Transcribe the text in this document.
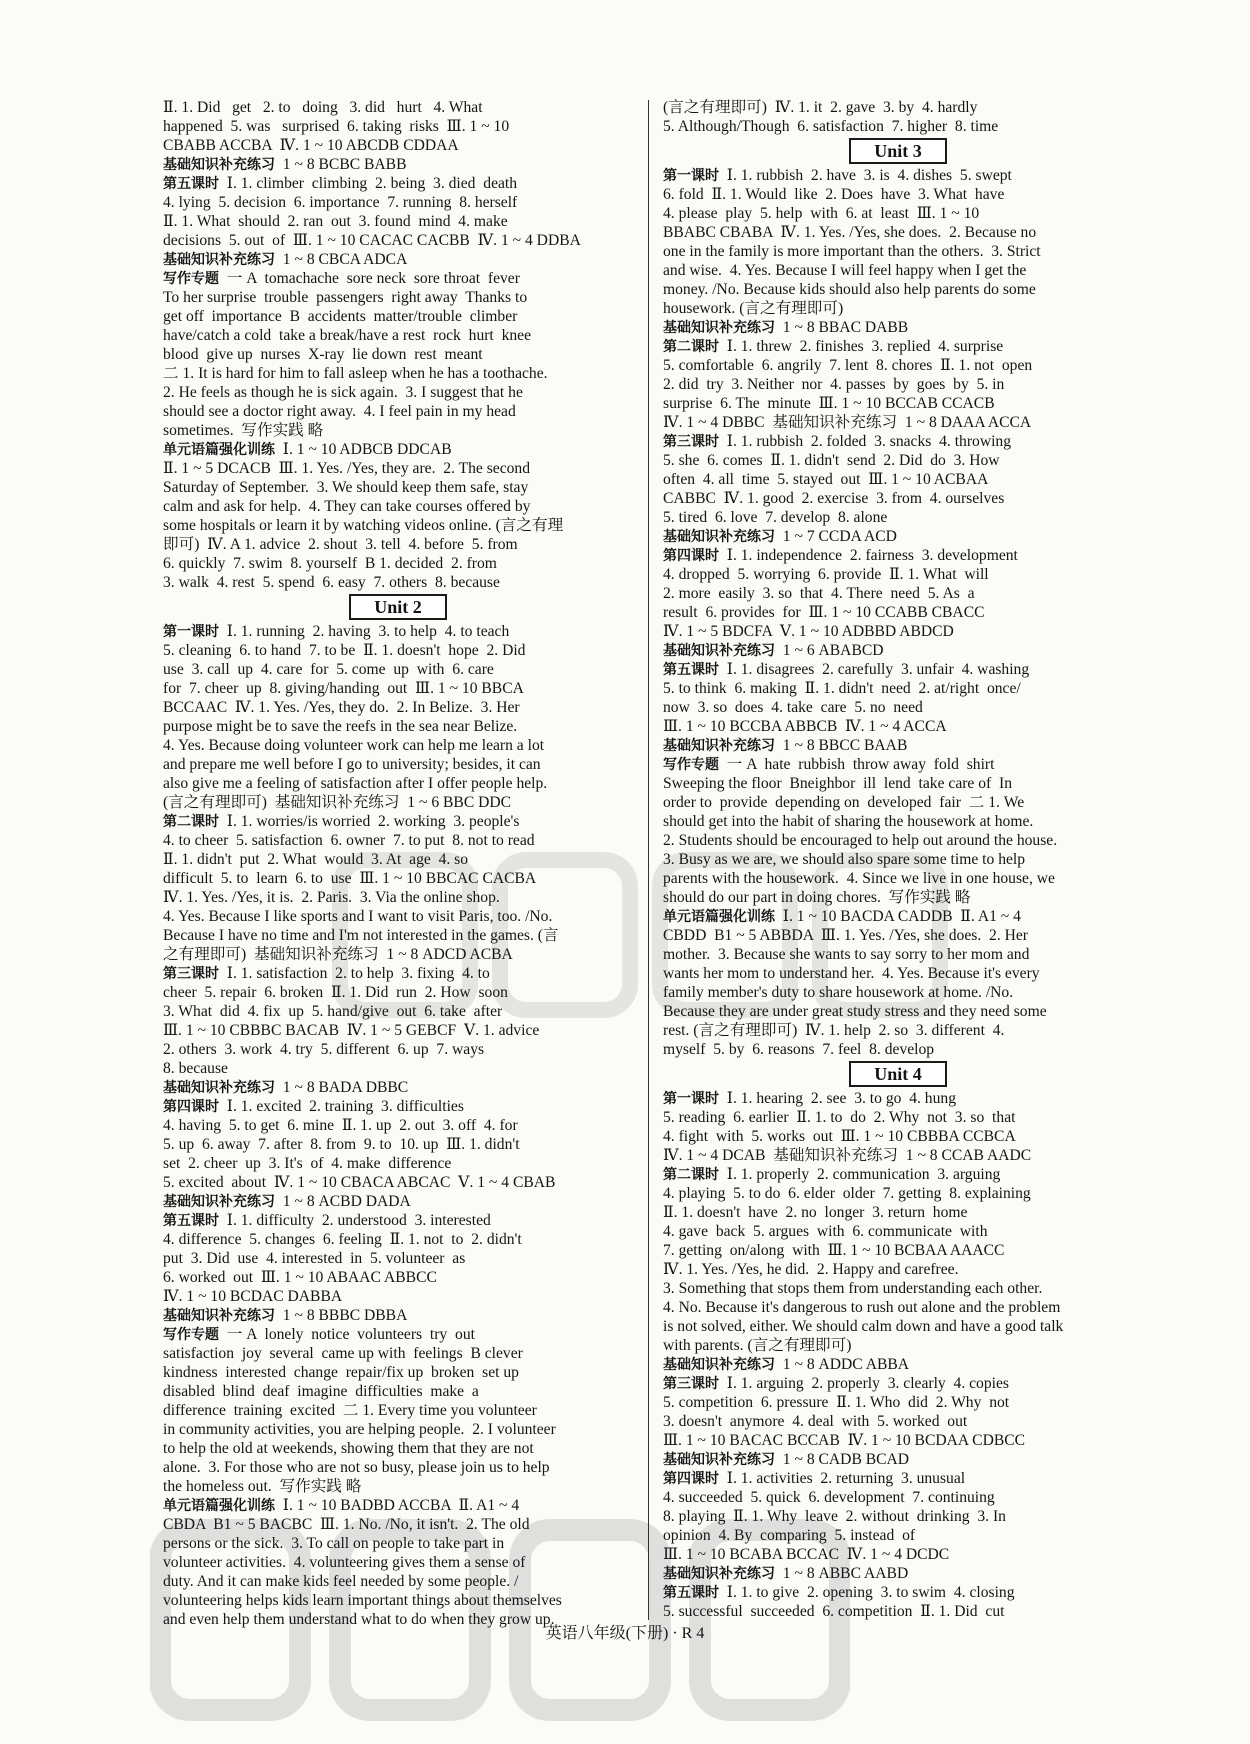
Ⅱ. 1. Did   get   2. to   doing   3. did   hurt   4. What
happened  5. was   surprised  6. taking  risks  Ⅲ. 1 ~ 10
CBABB ACCBA  Ⅳ. 1 ~ 10 ABCDB CDDAA
基础知识补充练习  1 ~ 8 BCBC BABB
第五课时  Ⅰ. 1. climber  climbing  2. being  3. died  death
4. lying  5. decision  6. importance  7. running  8. herself
Ⅱ. 1. What  should  2. ran  out  3. found  mind  4. make
decisions  5. out  of  Ⅲ. 1 ~ 10 CACAC CACBB  Ⅳ. 1 ~ 4 DDBA
基础知识补充练习  1 ~ 8 CBCA ADCA
写作专题  一 A  tomachache  sore neck  sore throat  fever
To her surprise  trouble  passengers  right away  Thanks to
get off  importance  B  accidents  matter/trouble  climber
have/catch a cold  take a break/have a rest  rock  hurt  knee
blood  give up  nurses  X-ray  lie down  rest  meant
二 1. It is hard for him to fall asleep when he has a toothache.
2. He feels as though he is sick again.  3. I suggest that he
should see a doctor right away.  4. I feel pain in my head
sometimes.  写作实践 略
单元语篇强化训练  Ⅰ. 1 ~ 10 ADBCB DDCAB
Ⅱ. 1 ~ 5 DCACB  Ⅲ. 1. Yes. /Yes, they are.  2. The second
Saturday of September.  3. We should keep them safe, stay
calm and ask for help.  4. They can take courses offered by
some hospitals or learn it by watching videos online. (言之有理
即可)  Ⅳ. A 1. advice  2. shout  3. tell  4. before  5. from
6. quickly  7. swim  8. yourself  B 1. decided  2. from
3. walk  4. rest  5. spend  6. easy  7. others  8. because
Unit 2
第一课时  Ⅰ. 1. running  2. having  3. to help  4. to teach
5. cleaning  6. to hand  7. to be  Ⅱ. 1. doesn't  hope  2. Did
use  3. call  up  4. care  for  5. come  up  with  6. care
for  7. cheer  up  8. giving/handing  out  Ⅲ. 1 ~ 10 BBCA
BCCAAC  Ⅳ. 1. Yes. /Yes, they do.  2. In Belize.  3. Her
purpose might be to save the reefs in the sea near Belize.
4. Yes. Because doing volunteer work can help me learn a lot
and prepare me well before I go to university; besides, it can
also give me a feeling of satisfaction after I offer people help.
(言之有理即可)  基础知识补充练习  1 ~ 6 BBC DDC
第二课时  Ⅰ. 1. worries/is worried  2. working  3. people's
4. to cheer  5. satisfaction  6. owner  7. to put  8. not to read
Ⅱ. 1. didn't  put  2. What  would  3. At  age  4. so
difficult  5. to  learn  6. to  use  Ⅲ. 1 ~ 10 BBCAC CACBA
Ⅳ. 1. Yes. /Yes, it is.  2. Paris.  3. Via the online shop.
4. Yes. Because I like sports and I want to visit Paris, too. /No.
Because I have no time and I'm not interested in the games. (言
之有理即可)  基础知识补充练习  1 ~ 8 ADCD ACBA
第三课时  Ⅰ. 1. satisfaction  2. to help  3. fixing  4. to
cheer  5. repair  6. broken  Ⅱ. 1. Did  run  2. How  soon
3. What  did  4. fix  up  5. hand/give  out  6. take  after
Ⅲ. 1 ~ 10 CBBBC BACAB  Ⅳ. 1 ~ 5 GEBCF  Ⅴ. 1. advice
2. others  3. work  4. try  5. different  6. up  7. ways
8. because
基础知识补充练习  1 ~ 8 BADA DBBC
第四课时  Ⅰ. 1. excited  2. training  3. difficulties
4. having  5. to get  6. mine  Ⅱ. 1. up  2. out  3. off  4. for
5. up  6. away  7. after  8. from  9. to  10. up  Ⅲ. 1. didn't
set  2. cheer  up  3. It's  of  4. make  difference
5. excited  about  Ⅳ. 1 ~ 10 CBACA ABCAC  Ⅴ. 1 ~ 4 CBAB
基础知识补充练习  1 ~ 8 ACBD DADA
第五课时  Ⅰ. 1. difficulty  2. understood  3. interested
4. difference  5. changes  6. feeling  Ⅱ. 1. not  to  2. didn't
put  3. Did  use  4. interested  in  5. volunteer  as
6. worked  out  Ⅲ. 1 ~ 10 ABAAC ABBCC
Ⅳ. 1 ~ 10 BCDAC DABBA
基础知识补充练习  1 ~ 8 BBBC DBBA
写作专题  一 A  lonely  notice  volunteers  try  out
satisfaction  joy  several  came up with  feelings  B clever
kindness  interested  change  repair/fix up  broken  set up
disabled  blind  deaf  imagine  difficulties  make  a
difference  training  excited  二 1. Every time you volunteer
in community activities, you are helping people.  2. I volunteer
to help the old at weekends, showing them that they are not
alone.  3. For those who are not so busy, please join us to help
the homeless out.  写作实践 略
单元语篇强化训练  Ⅰ. 1 ~ 10 BADBD ACCBA  Ⅱ. A1 ~ 4
CBDA  B1 ~ 5 BACBC  Ⅲ. 1. No. /No, it isn't.  2. The old
persons or the sick.  3. To call on people to take part in
volunteer activities.  4. volunteering gives them a sense of
duty. And it can make kids feel needed by some people. /
volunteering helps kids learn important things about themselves
and even help them understand what to do when they grow up.
(言之有理即可)  Ⅳ. 1. it  2. gave  3. by  4. hardly
5. Although/Though  6. satisfaction  7. higher  8. time
Unit 3
第一课时  Ⅰ. 1. rubbish  2. have  3. is  4. dishes  5. swept
6. fold  Ⅱ. 1. Would  like  2. Does  have  3. What  have
4. please  play  5. help  with  6. at  least  Ⅲ. 1 ~ 10
BBABC CBABA  Ⅳ. 1. Yes. /Yes, she does.  2. Because no
one in the family is more important than the others.  3. Strict
and wise.  4. Yes. Because I will feel happy when I get the
money. /No. Because kids should also help parents do some
housework. (言之有理即可)
基础知识补充练习  1 ~ 8 BBAC DABB
第二课时  Ⅰ. 1. threw  2. finishes  3. replied  4. surprise
5. comfortable  6. angrily  7. lent  8. chores  Ⅱ. 1. not  open
2. did  try  3. Neither  nor  4. passes  by  goes  by  5. in
surprise  6. The  minute  Ⅲ. 1 ~ 10 BCCAB CCACB
Ⅳ. 1 ~ 4 DBBC  基础知识补充练习  1 ~ 8 DAAA ACCA
第三课时  Ⅰ. 1. rubbish  2. folded  3. snacks  4. throwing
5. she  6. comes  Ⅱ. 1. didn't  send  2. Did  do  3. How
often  4. all  time  5. stayed  out  Ⅲ. 1 ~ 10 ACBAA
CABBC  Ⅳ. 1. good  2. exercise  3. from  4. ourselves
5. tired  6. love  7. develop  8. alone
基础知识补充练习  1 ~ 7 CCDA ACD
第四课时  Ⅰ. 1. independence  2. fairness  3. development
4. dropped  5. worrying  6. provide  Ⅱ. 1. What  will
2. more  easily  3. so  that  4. There  need  5. As  a
result  6. provides  for  Ⅲ. 1 ~ 10 CCABB CBACC
Ⅳ. 1 ~ 5 BDCFA  Ⅴ. 1 ~ 10 ADBBD ABDCD
基础知识补充练习  1 ~ 6 ABABCD
第五课时  Ⅰ. 1. disagrees  2. carefully  3. unfair  4. washing
5. to think  6. making  Ⅱ. 1. didn't  need  2. at/right  once/
now  3. so  does  4. take  care  5. no  need
Ⅲ. 1 ~ 10 BCCBA ABBCB  Ⅳ. 1 ~ 4 ACCA
基础知识补充练习  1 ~ 8 BBCC BAAB
写作专题  一 A  hate  rubbish  throw away  fold  shirt
Sweeping the floor  Bneighbor  ill  lend  take care of  In
order to  provide  depending on  developed  fair  二 1. We
should get into the habit of sharing the housework at home.
2. Students should be encouraged to help out around the house.
3. Busy as we are, we should also spare some time to help
parents with the housework.  4. Since we live in one house, we
should do our part in doing chores.  写作实践 略
单元语篇强化训练  Ⅰ. 1 ~ 10 BACDA CADDB  Ⅱ. A1 ~ 4
CBDD  B1 ~ 5 ABBDA  Ⅲ. 1. Yes. /Yes, she does.  2. Her
mother.  3. Because she wants to say sorry to her mom and
wants her mom to understand her.  4. Yes. Because it's every
family member's duty to share housework at home. /No.
Because they are under great study stress and they need some
rest. (言之有理即可)  Ⅳ. 1. help  2. so  3. different  4.
myself  5. by  6. reasons  7. feel  8. develop
Unit 4
第一课时  Ⅰ. 1. hearing  2. see  3. to go  4. hung
5. reading  6. earlier  Ⅱ. 1. to  do  2. Why  not  3. so  that
4. fight  with  5. works  out  Ⅲ. 1 ~ 10 CBBBA CCBCA
Ⅳ. 1 ~ 4 DCAB  基础知识补充练习  1 ~ 8 CCAB AADC
第二课时  Ⅰ. 1. properly  2. communication  3. arguing
4. playing  5. to do  6. elder  older  7. getting  8. explaining
Ⅱ. 1. doesn't  have  2. no  longer  3. return  home
4. gave  back  5. argues  with  6. communicate  with
7. getting  on/along  with  Ⅲ. 1 ~ 10 BCBAA AAACC
Ⅳ. 1. Yes. /Yes, he did.  2. Happy and carefree.
3. Something that stops them from understanding each other.
4. No. Because it's dangerous to rush out alone and the problem
is not solved, either. We should calm down and have a good talk
with parents. (言之有理即可)
基础知识补充练习  1 ~ 8 ADDC ABBA
第三课时  Ⅰ. 1. arguing  2. properly  3. clearly  4. copies
5. competition  6. pressure  Ⅱ. 1. Who  did  2. Why  not
3. doesn't  anymore  4. deal  with  5. worked  out
Ⅲ. 1 ~ 10 BACAC BCCAB  Ⅳ. 1 ~ 10 BCDAA CDBCC
基础知识补充练习  1 ~ 8 CADB BCAD
第四课时  Ⅰ. 1. activities  2. returning  3. unusual
4. succeeded  5. quick  6. development  7. continuing
8. playing  Ⅱ. 1. Why  leave  2. without  drinking  3. In
opinion  4. By  comparing  5. instead  of
Ⅲ. 1 ~ 10 BCABA BCCAC  Ⅳ. 1 ~ 4 DCDC
基础知识补充练习  1 ~ 8 ABBC AABD
第五课时  Ⅰ. 1. to give  2. opening  3. to swim  4. closing
5. successful  succeeded  6. competition  Ⅱ. 1. Did  cut
英语八年级(下册) · R 4
